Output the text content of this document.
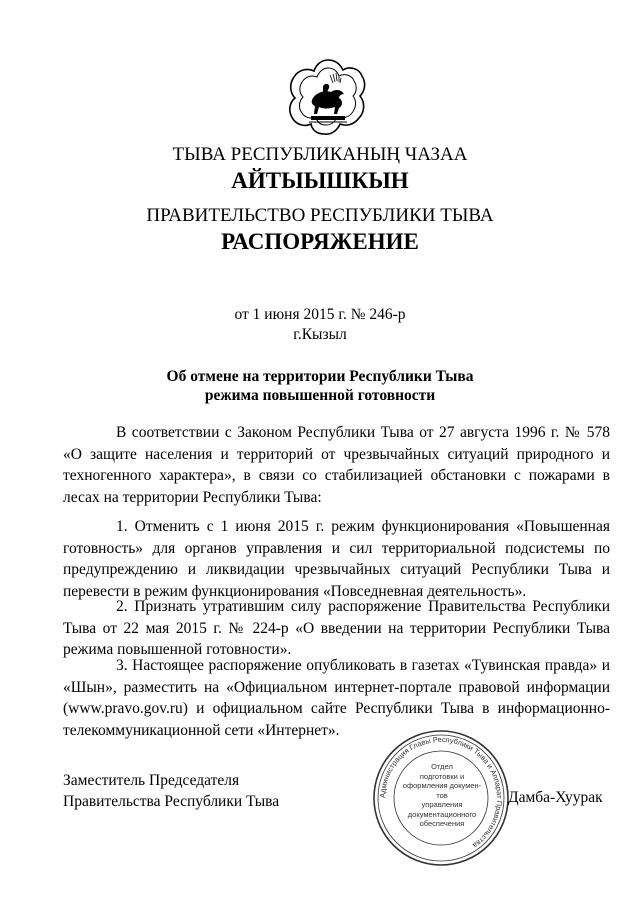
ТЫВА РЕСПУБЛИКАНЫҢ ЧАЗАА
АЙТЫЫШКЫН
ПРАВИТЕЛЬСТВО РЕСПУБЛИКИ ТЫВА
РАСПОРЯЖЕНИЕ
от 1 июня 2015 г. № 246-р
г.Кызыл
Об отмене на территории Республики Тыва
режима повышенной готовности

В соответствии с Законом Республики Тыва от 27 августа 1996 г. № 578 «О защите населения и территорий от чрезвычайных ситуаций природного и техногенного характера», в связи со стабилизацией обстановки с пожарами в лесах на территории Республики Тыва:

1. Отменить с 1 июня 2015 г. режим функционирования «Повышенная готовность» для органов управления и сил территориальной подсистемы по предупреждению и ликвидации чрезвычайных ситуаций Республики Тыва и перевести в режим функционирования «Повседневная деятельность».

2. Признать утратившим силу распоряжение Правительства Республики Тыва от 22 мая 2015 г. № 224-р «О введении на территории Республики Тыва режима повышенной готовности».

3. Настоящее распоряжение опубликовать в газетах «Тувинская правда» и «Шын», разместить на «Официальном интернет-портале правовой информации (www.pravo.gov.ru) и официальном сайте Республики Тыва в информационно-телекоммуникационной сети «Интернет».

Заместитель Председателя
Правительства Республики Тыва	Администрация Главы Республики Тыва и Аппарат Правительства
Отдел
подготовки и
оформления докумен-тов
управления
документационного
обеспечения
Дамба-Хуурак
